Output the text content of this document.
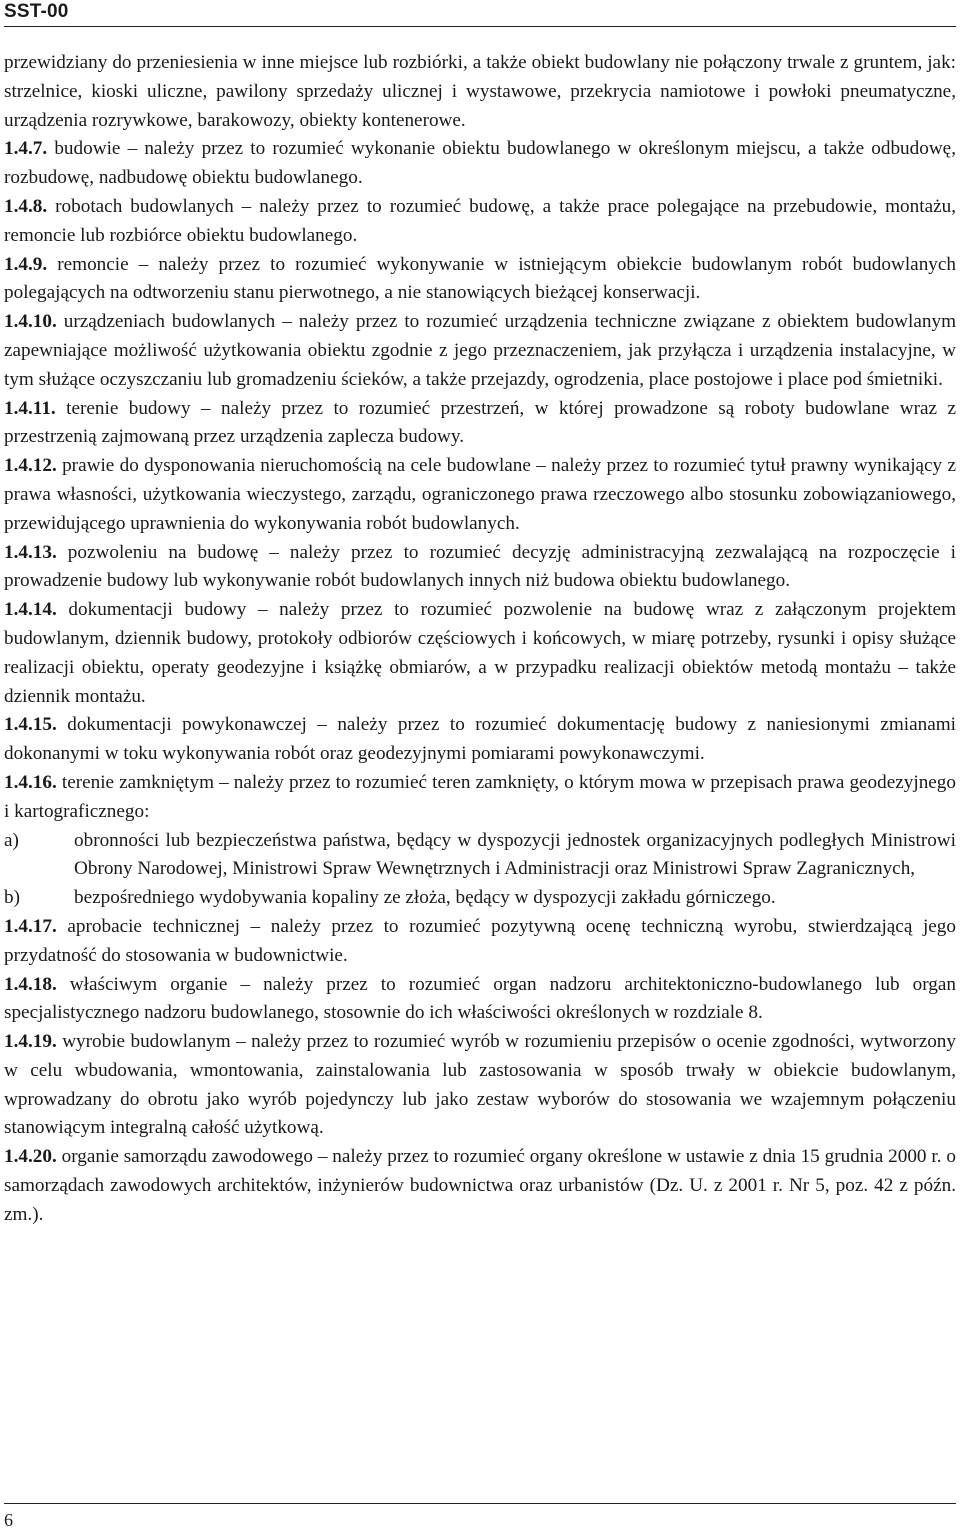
SST-00

przewidziany do przeniesienia w inne miejsce lub rozbiórki, a także obiekt budowlany nie połączony trwale z gruntem, jak: strzelnice, kioski uliczne, pawilony sprzedaży ulicznej i wystawowe, przekrycia namiotowe i powłoki pneumatyczne, urządzenia rozrywkowe, barakowozy, obiekty kontenerowe.

1.4.7. budowie – należy przez to rozumieć wykonanie obiektu budowlanego w określonym miejscu, a także odbudowę, rozbudowę, nadbudowę obiektu budowlanego.

1.4.8. robotach budowlanych – należy przez to rozumieć budowę, a także prace polegające na przebudowie, montażu, remoncie lub rozbiórce obiektu budowlanego.

1.4.9. remoncie – należy przez to rozumieć wykonywanie w istniejącym obiekcie budowlanym robót budowlanych polegających na odtworzeniu stanu pierwotnego, a nie stanowiących bieżącej konserwacji.

1.4.10. urządzeniach budowlanych – należy przez to rozumieć urządzenia techniczne związane z obiektem budowlanym zapewniające możliwość użytkowania obiektu zgodnie z jego przeznaczeniem, jak przyłącza i urządzenia instalacyjne, w tym służące oczyszczaniu lub gromadzeniu ścieków, a także przejazdy, ogrodzenia, place postojowe i place pod śmietniki.

1.4.11. terenie budowy – należy przez to rozumieć przestrzeń, w której prowadzone są roboty budowlane wraz z przestrzenią zajmowaną przez urządzenia zaplecza budowy.

1.4.12. prawie do dysponowania nieruchomością na cele budowlane – należy przez to rozumieć tytuł prawny wynikający z prawa własności, użytkowania wieczystego, zarządu, ograniczonego prawa rzeczowego albo stosunku zobowiązaniowego, przewidującego uprawnienia do wykonywania robót budowlanych.

1.4.13. pozwoleniu na budowę – należy przez to rozumieć decyzję administracyjną zezwalającą na rozpoczęcie i prowadzenie budowy lub wykonywanie robót budowlanych innych niż budowa obiektu budowlanego.

1.4.14. dokumentacji budowy – należy przez to rozumieć pozwolenie na budowę wraz z załączonym projektem budowlanym, dziennik budowy, protokoły odbiorów częściowych i końcowych, w miarę potrzeby, rysunki i opisy służące realizacji obiektu, operaty geodezyjne i książkę obmiarów, a w przypadku realizacji obiektów metodą montażu – także dziennik montażu.

1.4.15. dokumentacji powykonawczej – należy przez to rozumieć dokumentację budowy z naniesionymi zmianami dokonanymi w toku wykonywania robót oraz geodezyjnymi pomiarami powykonawczymi.

1.4.16. terenie zamkniętym – należy przez to rozumieć teren zamknięty, o którym mowa w przepisach prawa geodezyjnego i kartograficznego:

a)	obronności lub bezpieczeństwa państwa, będący w dyspozycji jednostek organizacyjnych podległych Ministrowi Obrony Narodowej, Ministrowi Spraw Wewnętrznych i Administracji oraz Ministrowi Spraw Zagranicznych,
b)	bezpośredniego wydobywania kopaliny ze złoża, będący w dyspozycji zakładu górniczego.

1.4.17. aprobacie technicznej – należy przez to rozumieć pozytywną ocenę techniczną wyrobu, stwierdzającą jego przydatność do stosowania w budownictwie.

1.4.18. właściwym organie – należy przez to rozumieć organ nadzoru architektoniczno-budowlanego lub organ specjalistycznego nadzoru budowlanego, stosownie do ich właściwości określonych w rozdziale 8.

1.4.19. wyrobie budowlanym – należy przez to rozumieć wyrób w rozumieniu przepisów o ocenie zgodności, wytworzony w celu wbudowania, wmontowania, zainstalowania lub zastosowania w sposób trwały w obiekcie budowlanym, wprowadzany do obrotu jako wyrób pojedynczy lub jako zestaw wyborów do stosowania we wzajemnym połączeniu stanowiącym integralną całość użytkową.

1.4.20. organie samorządu zawodowego – należy przez to rozumieć organy określone w ustawie z dnia 15 grudnia 2000 r. o samorządach zawodowych architektów, inżynierów budownictwa oraz urbanistów (Dz. U. z 2001 r. Nr 5, poz. 42 z późn. zm.).

6
